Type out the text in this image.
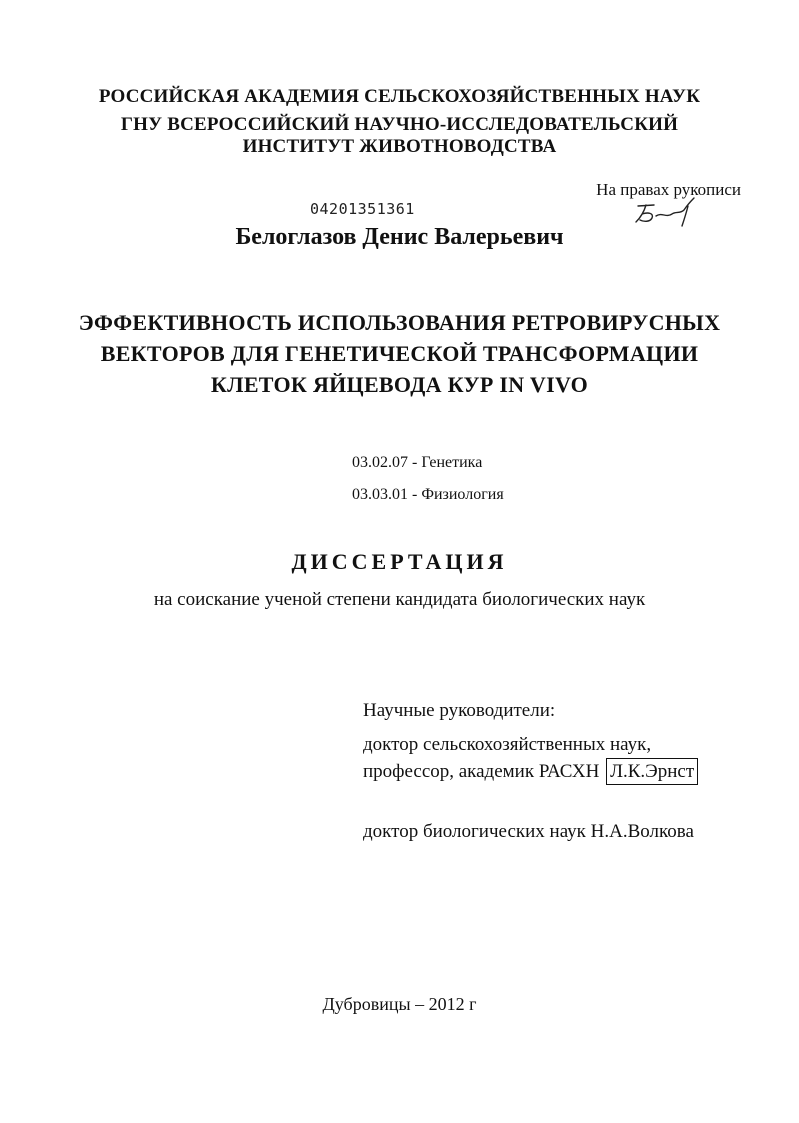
РОССИЙСКАЯ АКАДЕМИЯ СЕЛЬСКОХОЗЯЙСТВЕННЫХ НАУК
ГНУ ВСЕРОССИЙСКИЙ НАУЧНО-ИССЛЕДОВАТЕЛЬСКИЙ
ИНСТИТУТ ЖИВОТНОВОДСТВА
На правах рукописи
04201351361
Белоглазов Денис Валерьевич
ЭФФЕКТИВНОСТЬ ИСПОЛЬЗОВАНИЯ РЕТРОВИРУСНЫХ
ВЕКТОРОВ ДЛЯ ГЕНЕТИЧЕСКОЙ ТРАНСФОРМАЦИИ
КЛЕТОК ЯЙЦЕВОДА КУР IN VIVO
03.02.07 - Генетика
03.03.01 - Физиология
ДИССЕРТАЦИЯ
на соискание ученой степени кандидата биологических наук
Научные руководители:
доктор сельскохозяйственных наук,
профессор, академик РАСХН Л.К.Эрнст
доктор биологических наук Н.А.Волкова
Дубровицы – 2012 г
